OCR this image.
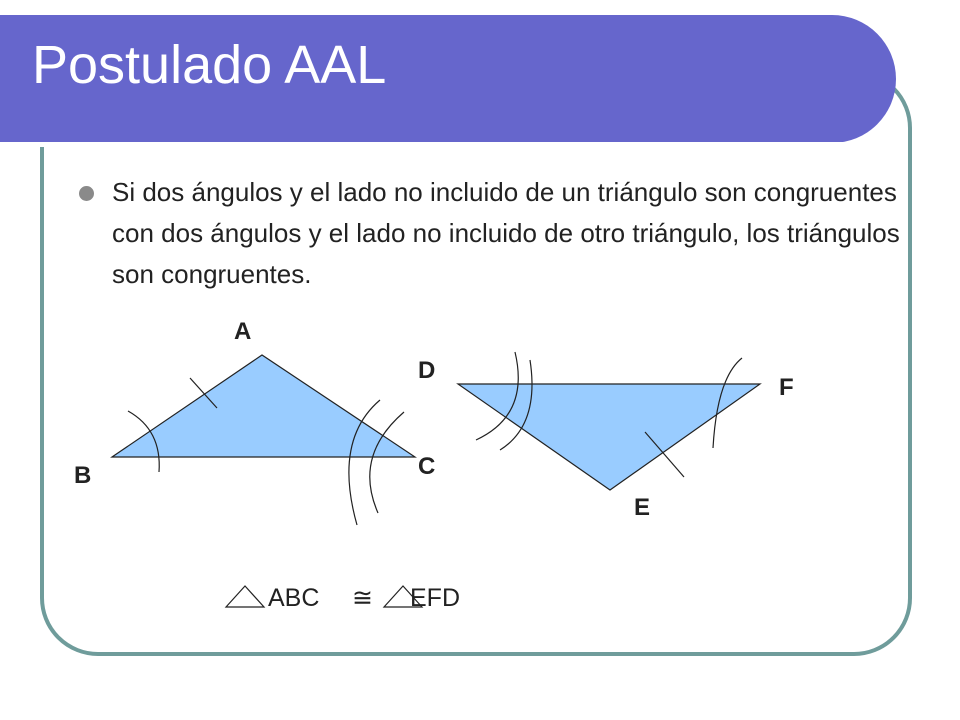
Postulado AAL

Si dos ángulos y el lado no incluido de un triángulo son congruentes con dos ángulos y el lado no incluido de otro triángulo, los triángulos son congruentes.

A
B	C
D
F
E
ABC ≅ EFD
